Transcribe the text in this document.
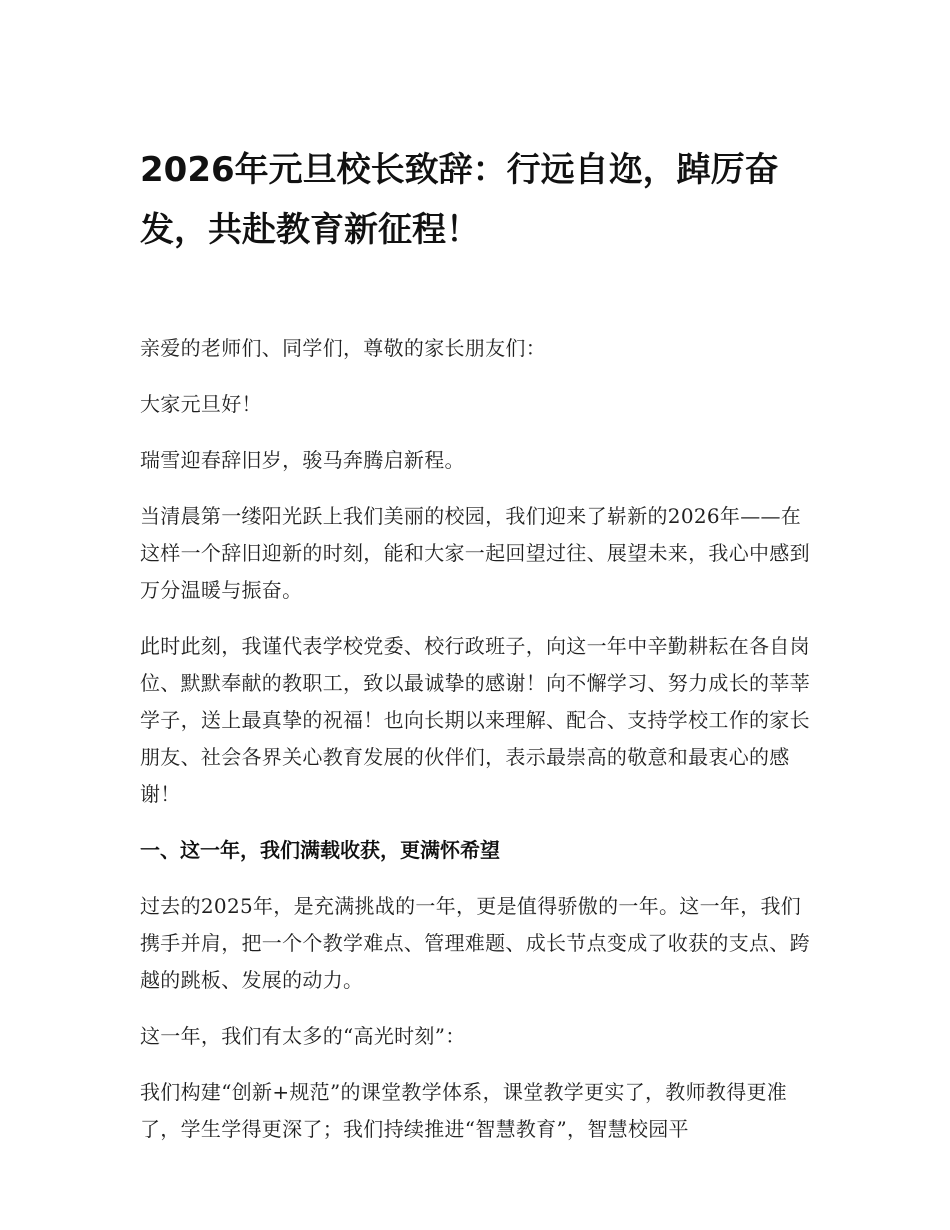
2026年元旦校长致辞：行远自迩，踔厉奋发，共赴教育新征程！

亲爱的老师们、同学们，尊敬的家长朋友们：

大家元旦好！

瑞雪迎春辞旧岁，骏马奔腾启新程。

当清晨第一缕阳光跃上我们美丽的校园，我们迎来了崭新的2026年——在这样一个辞旧迎新的时刻，能和大家一起回望过往、展望未来，我心中感到万分温暖与振奋。

此时此刻，我谨代表学校党委、校行政班子，向这一年中辛勤耕耘在各自岗位、默默奉献的教职工，致以最诚挚的感谢！向不懈学习、努力成长的莘莘学子，送上最真挚的祝福！也向长期以来理解、配合、支持学校工作的家长朋友、社会各界关心教育发展的伙伴们，表示最崇高的敬意和最衷心的感谢！

一、这一年，我们满载收获，更满怀希望

过去的2025年，是充满挑战的一年，更是值得骄傲的一年。这一年，我们携手并肩，把一个个教学难点、管理难题、成长节点变成了收获的支点、跨越的跳板、发展的动力。

这一年，我们有太多的“高光时刻”：

我们构建“创新+规范”的课堂教学体系，课堂教学更实了，教师教得更准了，学生学得更深了；我们持续推进“智慧教育”，智慧校园平
